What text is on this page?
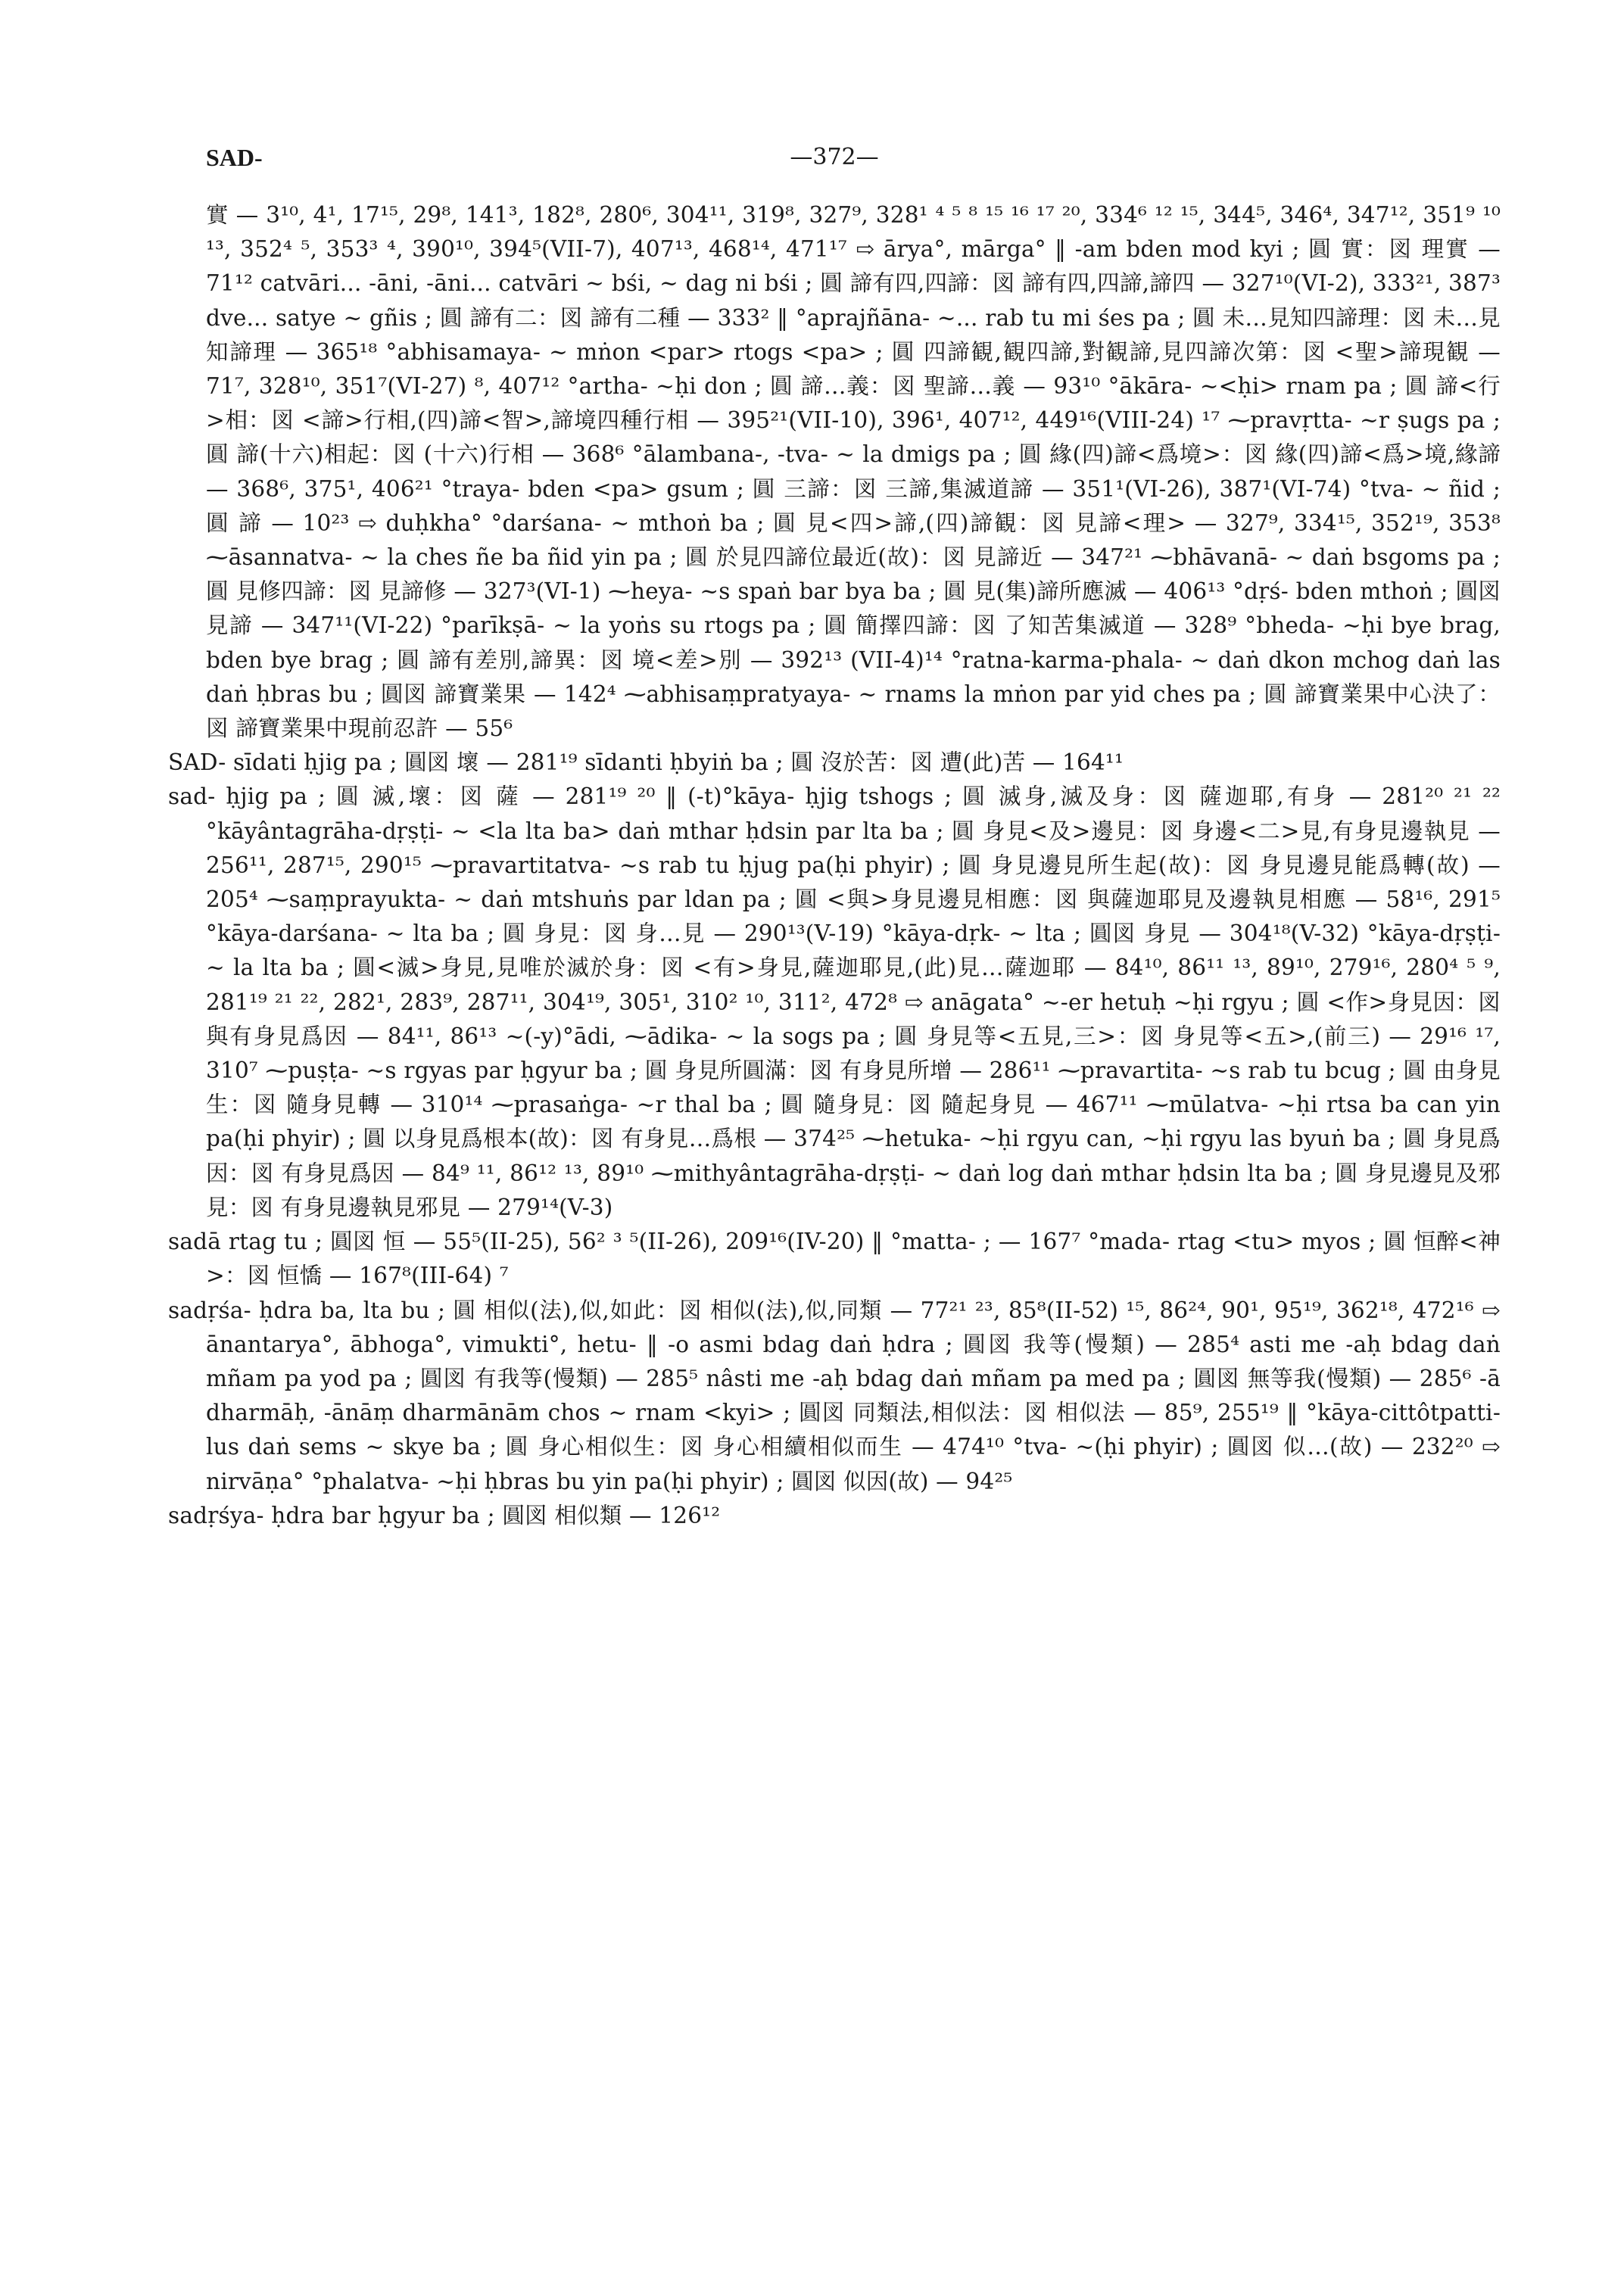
SAD-	—372—

實 — 3¹⁰, 4¹, 17¹⁵, 29⁸, 141³, 182⁸, 280⁶, 304¹¹, 319⁸, 327⁹, 328¹ ⁴ ⁵ ⁸ ¹⁵ ¹⁶ ¹⁷ ²⁰, 334⁶ ¹² ¹⁵, 344⁵, 346⁴, 347¹², 351⁹ ¹⁰ ¹³, 352⁴ ⁵, 353³ ⁴, 390¹⁰, 394⁵(VII-7), 407¹³, 468¹⁴, 471¹⁷ ⇨ ārya°, mārga° ‖ -am bden mod kyi ; 圓 實：図 理實 — 71¹² catvāri... -āni, -āni... catvāri ~ bśi, ~ dag ni bśi ; 圓 諦有四,四諦：図 諦有四,四諦,諦四 — 327¹⁰(VI-2), 333²¹, 387³ dve... satye ~ gñis ; 圓 諦有二：図 諦有二種 — 333² ‖ °aprajñāna- ~... rab tu mi śes pa ; 圓 未…見知四諦理：図 未…見知諦理 — 365¹⁸ °abhisamaya- ~ mṅon <par> rtogs <pa> ; 圓 四諦観,観四諦,對観諦,見四諦次第：図 <聖>諦現観 — 71⁷, 328¹⁰, 351⁷(VI-27) ⁸, 407¹² °artha- ~ḥi don ; 圓 諦…義：図 聖諦…義 — 93¹⁰ °ākāra- ~<ḥi> rnam pa ; 圓 諦<行>相：図 <諦>行相,(四)諦<智>,諦境四種行相 — 395²¹(VII-10), 396¹, 407¹², 449¹⁶(VIII-24) ¹⁷ ⁓pravṛtta- ~r ṣugs pa ; 圓 諦(十六)相起：図 (十六)行相 — 368⁶ °ālambana-, -tva- ~ la dmigs pa ; 圓 緣(四)諦<爲境>：図 緣(四)諦<爲>境,緣諦 — 368⁶, 375¹, 406²¹ °traya- bden <pa> gsum ; 圓 三諦：図 三諦,集滅道諦 — 351¹(VI-26), 387¹(VI-74) °tva- ~ ñid ; 圓 諦 — 10²³ ⇨ duḥkha° °darśana- ~ mthoṅ ba ; 圓 見<四>諦,(四)諦観：図 見諦<理> — 327⁹, 334¹⁵, 352¹⁹, 353⁸ ⁓āsannatva- ~ la ches ñe ba ñid yin pa ; 圓 於見四諦位最近(故)：図 見諦近 — 347²¹ ⁓bhāvanā- ~ daṅ bsgoms pa ; 圓 見修四諦：図 見諦修 — 327³(VI-1) ⁓heya- ~s spaṅ bar bya ba ; 圓 見(集)諦所應滅 — 406¹³ °dṛś- bden mthoṅ ; 圓図 見諦 — 347¹¹(VI-22) °parīkṣā- ~ la yoṅs su rtogs pa ; 圓 簡擇四諦：図 了知苦集滅道 — 328⁹ °bheda- ~ḥi bye brag, bden bye brag ; 圓 諦有差別,諦異：図 境<差>別 — 392¹³ (VII-4)¹⁴ °ratna-karma-phala- ~ daṅ dkon mchog daṅ las daṅ ḥbras bu ; 圓図 諦寶業果 — 142⁴ ⁓abhisaṃpratyaya- ~ rnams la mṅon par yid ches pa ; 圓 諦寶業果中心決了：図 諦寶業果中現前忍許 — 55⁶

SAD- sīdati ḥjig pa ; 圓図 壞 — 281¹⁹ sīdanti ḥbyiṅ ba ; 圓 沒於苦：図 遭(此)苦 — 164¹¹

sad- ḥjig pa ; 圓 滅,壞：図 薩 — 281¹⁹ ²⁰ ‖ (-t)°kāya- ḥjig tshogs ; 圓 滅身,滅及身：図 薩迦耶,有身 — 281²⁰ ²¹ ²² °kāyântagrāha-dṛṣṭi- ~ <la lta ba> daṅ mthar ḥdsin par lta ba ; 圓 身見<及>邊見：図 身邊<二>見,有身見邊執見 — 256¹¹, 287¹⁵, 290¹⁵ ⁓pravartitatva- ~s rab tu ḥjug pa(ḥi phyir) ; 圓 身見邊見所生起(故)：図 身見邊見能爲轉(故) — 205⁴ ⁓saṃprayukta- ~ daṅ mtshuṅs par ldan pa ; 圓 <與>身見邊見相應：図 與薩迦耶見及邊執見相應 — 58¹⁶, 291⁵ °kāya-darśana- ~ lta ba ; 圓 身見：図 身…見 — 290¹³(V-19) °kāya-dṛk- ~ lta ; 圓図 身見 — 304¹⁸(V-32) °kāya-dṛṣṭi- ~ la lta ba ; 圓<滅>身見,見唯於滅於身：図 <有>身見,薩迦耶見,(此)見…薩迦耶 — 84¹⁰, 86¹¹ ¹³, 89¹⁰, 279¹⁶, 280⁴ ⁵ ⁹, 281¹⁹ ²¹ ²², 282¹, 283⁹, 287¹¹, 304¹⁹, 305¹, 310² ¹⁰, 311², 472⁸ ⇨ anāgata° ~-er hetuḥ ~ḥi rgyu ; 圓 <作>身見因：図 與有身見爲因 — 84¹¹, 86¹³ ~(-y)°ādi, ⁓ādika- ~ la sogs pa ; 圓 身見等<五見,三>：図 身見等<五>,(前三) — 29¹⁶ ¹⁷, 310⁷ ⁓puṣṭa- ~s rgyas par ḥgyur ba ; 圓 身見所圓滿：図 有身見所增 — 286¹¹ ⁓pravartita- ~s rab tu bcug ; 圓 由身見生：図 隨身見轉 — 310¹⁴ ⁓prasaṅga- ~r thal ba ; 圓 隨身見：図 隨起身見 — 467¹¹ ⁓mūlatva- ~ḥi rtsa ba can yin pa(ḥi phyir) ; 圓 以身見爲根本(故)：図 有身見…爲根 — 374²⁵ ⁓hetuka- ~ḥi rgyu can, ~ḥi rgyu las byuṅ ba ; 圓 身見爲因：図 有身見爲因 — 84⁹ ¹¹, 86¹² ¹³, 89¹⁰ ⁓mithyântagrāha-dṛṣṭi- ~ daṅ log daṅ mthar ḥdsin lta ba ; 圓 身見邊見及邪見：図 有身見邊執見邪見 — 279¹⁴(V-3)

sadā rtag tu ; 圓図 恒 — 55⁵(II-25), 56² ³ ⁵(II-26), 209¹⁶(IV-20) ‖ °matta- ; — 167⁷ °mada- rtag <tu> myos ; 圓 恒醉<神>：図 恒憍 — 167⁸(III-64) ⁷

sadṛśa- ḥdra ba, lta bu ; 圓 相似(法),似,如此：図 相似(法),似,同類 — 77²¹ ²³, 85⁸(II-52) ¹⁵, 86²⁴, 90¹, 95¹⁹, 362¹⁸, 472¹⁶ ⇨ ānantarya°, ābhoga°, vimukti°, hetu- ‖ -o asmi bdag daṅ ḥdra ; 圓図 我等(慢類) — 285⁴ asti me -aḥ bdag daṅ mñam pa yod pa ; 圓図 有我等(慢類) — 285⁵ nâsti me -aḥ bdag daṅ mñam pa med pa ; 圓図 無等我(慢類) — 285⁶ -ā dharmāḥ, -ānāṃ dharmānām chos ~ rnam <kyi> ; 圓図 同類法,相似法：図 相似法 — 85⁹, 255¹⁹ ‖ °kāya-cittôtpatti- lus daṅ sems ~ skye ba ; 圓 身心相似生：図 身心相續相似而生 — 474¹⁰ °tva- ~(ḥi phyir) ; 圓図 似…(故) — 232²⁰ ⇨ nirvāṇa° °phalatva- ~ḥi ḥbras bu yin pa(ḥi phyir) ; 圓図 似因(故) — 94²⁵

sadṛśya- ḥdra bar ḥgyur ba ; 圓図 相似類 — 126¹²
